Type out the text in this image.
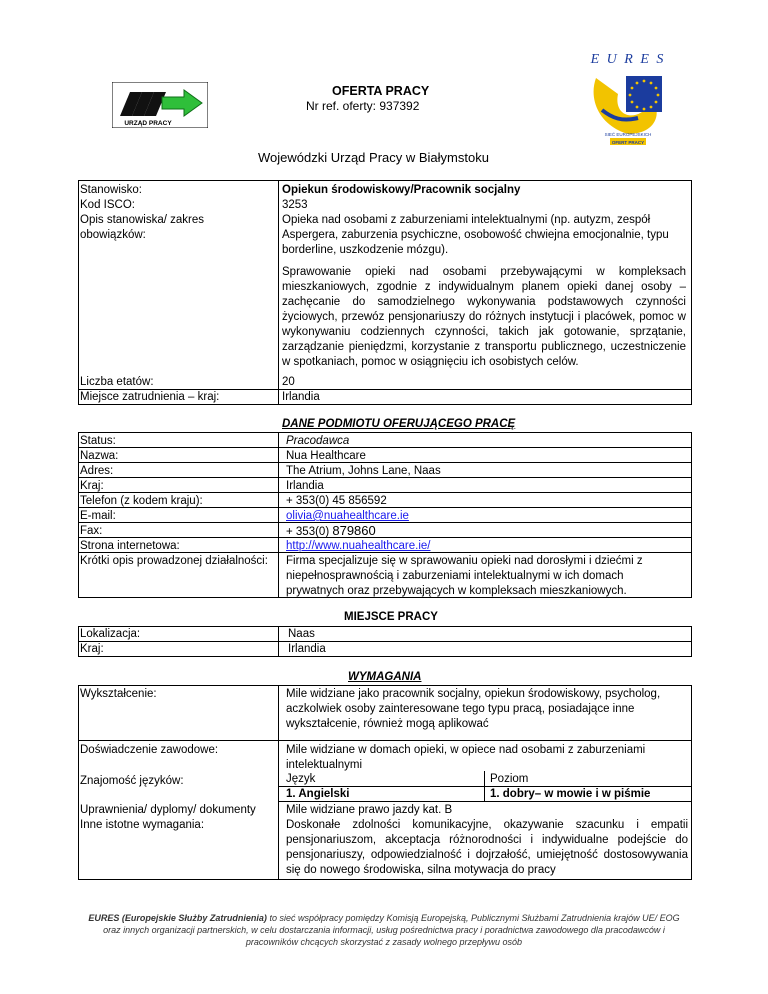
URZĄD PRACY
OFERTA PRACY
Nr ref. oferty: 937392
E U R E S
SIEĆ EUROPEJSKICH
OFERT PRACY
Wojewódzki Urząd Pracy w Białymstoku
Stanowisko:
Kod ISCO:
Opis stanowiska/ zakres
obowiązków:
Liczba etatów:
Miejsce zatrudnienia – kraj:
Opiekun środowiskowy/Pracownik socjalny
3253
Opieka nad osobami z zaburzeniami intelektualnymi (np. autyzm, zespół Aspergera, zaburzenia psychiczne, osobowość chwiejna emocjonalnie, typu borderline, uszkodzenie mózgu).
Sprawowanie opieki nad osobami przebywającymi w kompleksach mieszkaniowych, zgodnie z indywidualnym planem opieki danej osoby – zachęcanie do samodzielnego wykonywania podstawowych czynności życiowych, przewóz pensjonariuszy do różnych instytucji i placówek, pomoc w wykonywaniu codziennych czynności, takich jak gotowanie, sprzątanie, zarządzanie pieniędzmi, korzystanie z transportu publicznego, uczestniczenie w spotkaniach, pomoc w osiągnięciu ich osobistych celów.
20
Irlandia
DANE PODMIOTU OFERUJĄCEGO PRACĘ
Status:
Nazwa:
Adres:
Kraj:
Telefon (z kodem kraju):
E-mail:
Fax:
Strona internetowa:
Krótki opis prowadzonej działalności:
Pracodawca
Nua Healthcare
The Atrium, Johns Lane, Naas
Irlandia
+ 353(0) 45 856592
olivia@nuahealthcare.ie
+ 353(0) 879860
http://www.nuahealthcare.ie/
Firma specjalizuje się w sprawowaniu opieki nad dorosłymi i dziećmi z niepełnosprawnością i zaburzeniami intelektualnymi w ich domach prywatnych oraz przebywających w kompleksach mieszkaniowych.
MIEJSCE PRACY
Lokalizacja:
Kraj:
Naas
Irlandia
WYMAGANIA
Wykształcenie:
Doświadczenie zawodowe:
Znajomość języków:
Uprawnienia/ dyplomy/ dokumenty
Inne istotne wymagania:
Mile widziane jako pracownik socjalny, opiekun środowiskowy, psycholog, aczkolwiek osoby zainteresowane tego typu pracą, posiadające inne wykształcenie, również mogą aplikować
Mile widziane w domach opieki, w opiece nad osobami z zaburzeniami intelektualnymi
Język	Poziom
1. Angielski	1. dobry– w mowie i w piśmie
Mile widziane prawo jazdy kat. B
Doskonałe zdolności komunikacyjne, okazywanie szacunku i empatii pensjonariuszom, akceptacja różnorodności i indywidualne podejście do pensjonariuszy, odpowiedzialność i dojrzałość, umiejętność dostosowywania się do nowego środowiska, silna motywacja do pracy
EURES (Europejskie Służby Zatrudnienia) to sieć współpracy pomiędzy Komisją Europejską, Publicznymi Służbami Zatrudnienia krajów UE/ EOG oraz innych organizacji partnerskich, w celu dostarczania informacji, usług pośrednictwa pracy i poradnictwa zawodowego dla pracodawców i pracowników chcących skorzystać z zasady wolnego przepływu osób
